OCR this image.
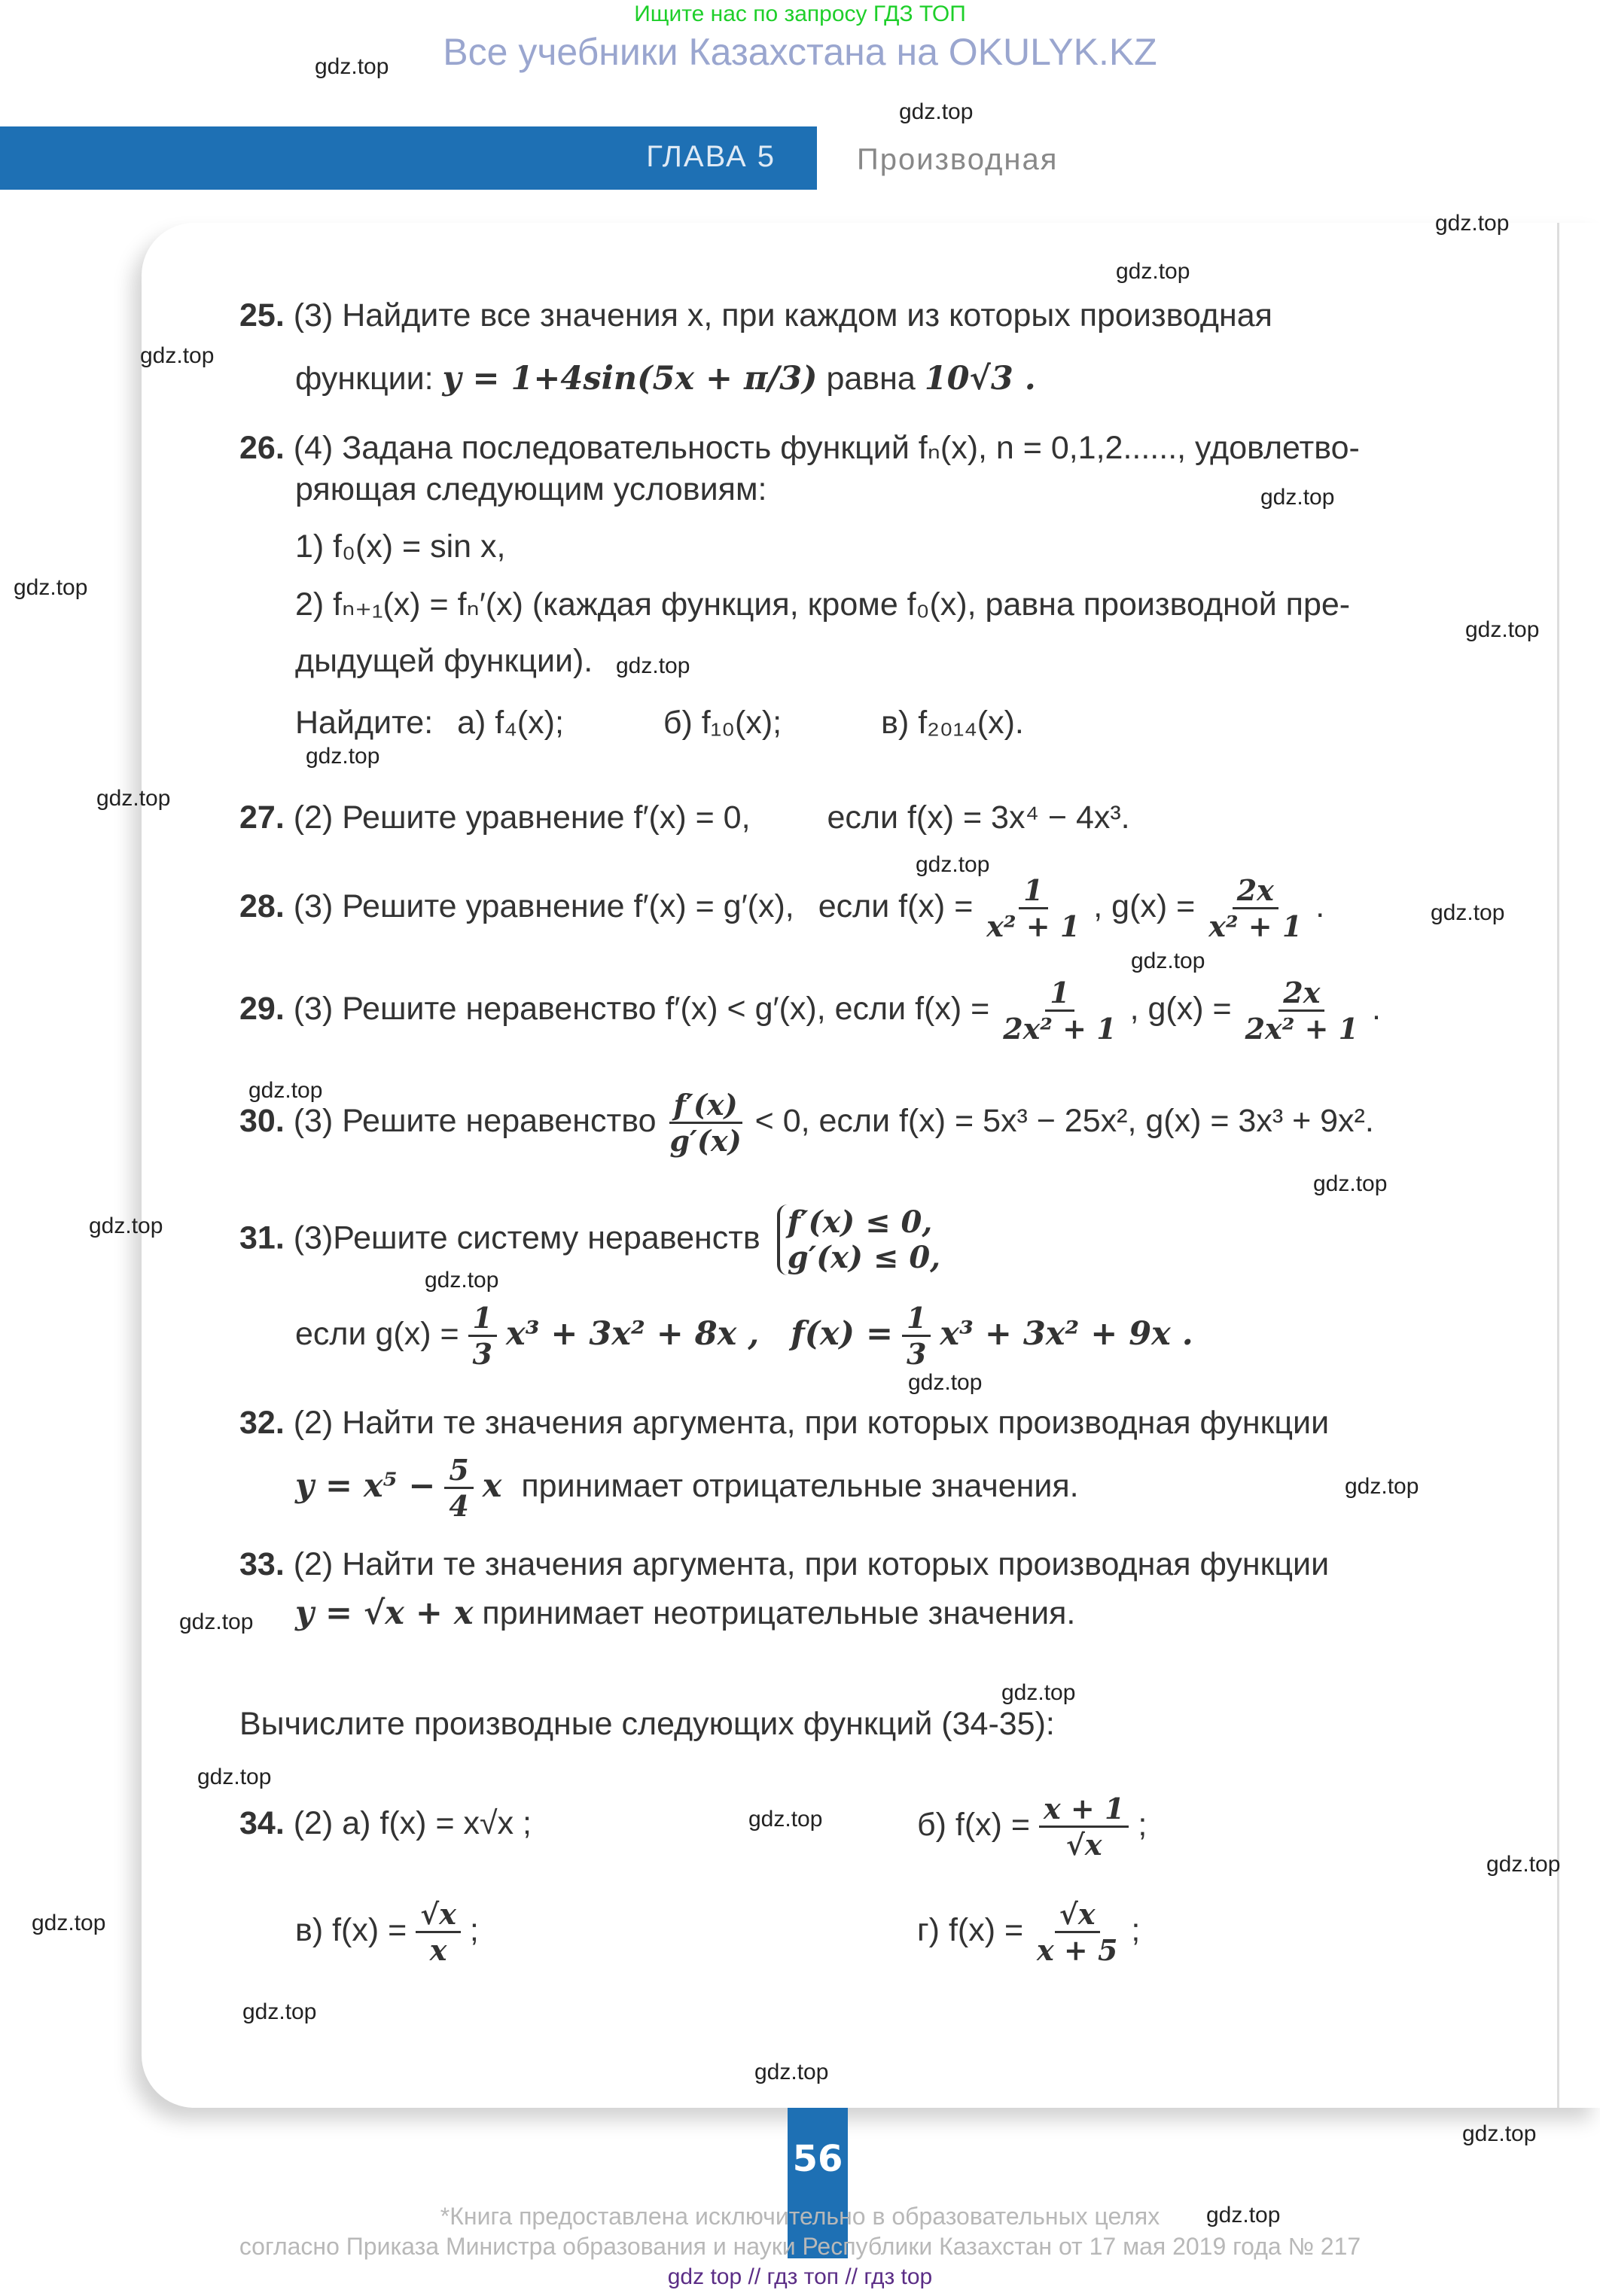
Ищите нас по запросу ГДЗ ТОП
Все учебники Казахстана на OKULYK.KZ
ГЛАВА 5	Производная
25. (3) Найдите все значения x, при каждом из которых производная
функции: y = 1+4sin(5x + π/3) равна 10√3 .
26. (4) Задана последовательность функций fₙ(x), n = 0,1,2......, удовлетво-
ряющая следующим условиям:
1) f₀(x) = sin x,
2) fₙ₊₁(x) = fₙ′(x) (каждая функция, кроме f₀(x), равна производной пре-
дыдущей функции).
Найдите: а) f₄(x);	б) f₁₀(x);	в) f₂₀₁₄(x).
27. (2) Решите уравнение f′(x) = 0, если f(x) = 3x⁴ − 4x³.
28. (3) Решите уравнение f′(x) = g′(x), если $f(x) = \frac{1}{\text{x² + 1}}$ , $g(x) = \frac{2x}{\text{x² + 1}}$ .
29. (3) Решите неравенство f′(x) < g′(x), если $f(x) = \frac{1}{\text{2x² + 1}}$ , $g(x) = \frac{2x}{\text{2x² + 1}}$ .
30. (3) Решите неравенство $\frac{f'(x)}{g'(x)} < 0$, если f(x) = 5x³ − 25x², g(x) = 3x³ + 9x².
31. (3)Решите систему неравенств f′(x) ≤ 0,
g′(x) ≤ 0,
если $g(x) = \frac{1}{3} x^3 + 3x^2 + 8x$ , $f(x) = \frac{1}{3} x^3 + 3x^2 + 9x$ .
32. (2) Найти те значения аргумента, при которых производная функции
$y = x^5 - \frac{5}{4}$ x принимает отрицательные значения.
33. (2) Найти те значения аргумента, при которых производная функции
y = √x + x принимает неотрицательные значения.
Вычислите производные следующих функций (34-35):
34. (2) а) f(x) = x√x ;	б) $f(x) = \frac{x + 1}{√x}$ ;
в) $f(x) = \frac{√x}{x}$ ;	г) $f(x) = \frac{√x}{x + 5}$ ;
56
*Книга предоставлена исключительно в образовательных целях
согласно Приказа Министра образования и науки Республики Казахстан от 17 мая 2019 года № 217
gdz top // гдз топ // гдз top
gdz.top
gdz.top
gdz.top
gdz.top
gdz.top
gdz.top
gdz.top
gdz.top
gdz.top
gdz.top
gdz.top
gdz.top
gdz.top
gdz.top
gdz.top
gdz.top
gdz.top
gdz.top
gdz.top
gdz.top
gdz.top
gdz.top
gdz.top
gdz.top
gdz.top
gdz.top
gdz.top
gdz.top
gdz.top
gdz.top
